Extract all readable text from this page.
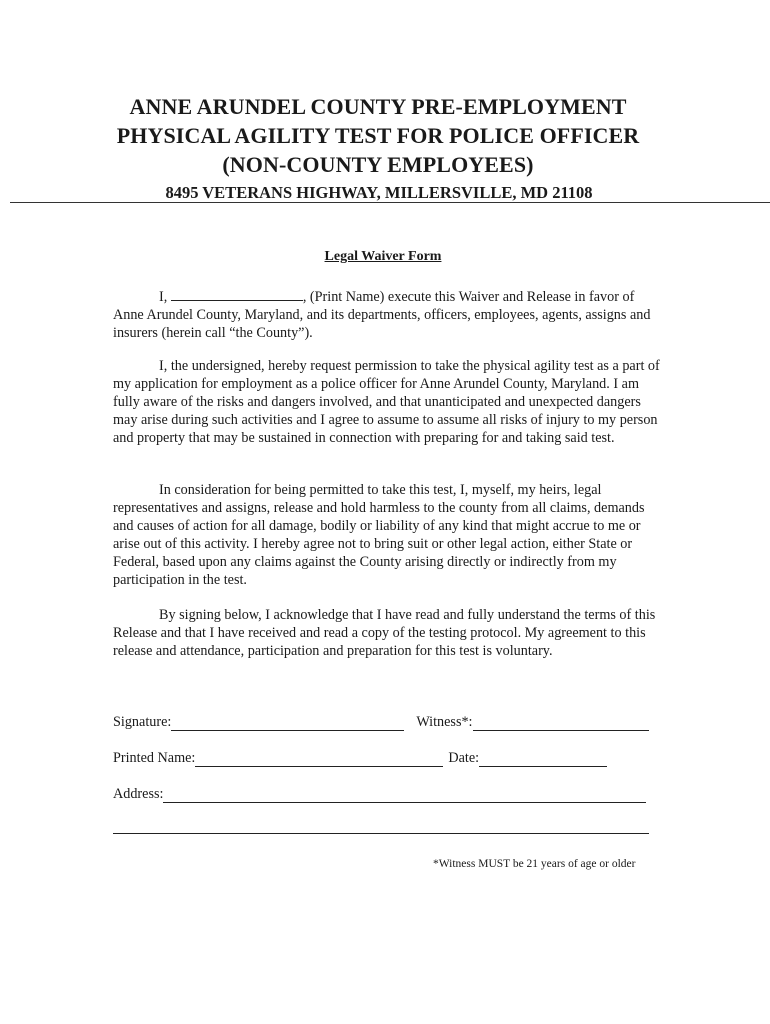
ANNE ARUNDEL COUNTY PRE-EMPLOYMENT
PHYSICAL AGILITY TEST FOR POLICE OFFICER
(NON-COUNTY EMPLOYEES)
8495 VETERANS HIGHWAY, MILLERSVILLE, MD 21108
Legal Waiver Form
I,	, (Print Name) execute this Waiver and Release in favor of Anne Arundel County, Maryland, and its departments, officers, employees, agents, assigns and insurers (herein call “the County”).
I, the undersigned, hereby request permission to take the physical agility test as a part of my application for employment as a police officer for Anne Arundel County, Maryland. I am fully aware of the risks and dangers involved, and that unanticipated and unexpected dangers may arise during such activities and I agree to assume to assume all risks of injury to my person and property that may be sustained in connection with preparing for and taking said test.
In consideration for being permitted to take this test, I, myself, my heirs, legal representatives and assigns, release and hold harmless to the county from all claims, demands and causes of action for all damage, bodily or liability of any kind that might accrue to me or arise out of this activity. I hereby agree not to bring suit or other legal action, either State or Federal, based upon any claims against the County arising directly or indirectly from my participation in the test.
By signing below, I acknowledge that I have read and fully understand the terms of this Release and that I have received and read a copy of the testing protocol. My agreement to this release and attendance, participation and preparation for this test is voluntary.
Signature:	Witness*:
Printed Name:	Date:
Address:
*Witness MUST be 21 years of age or older
